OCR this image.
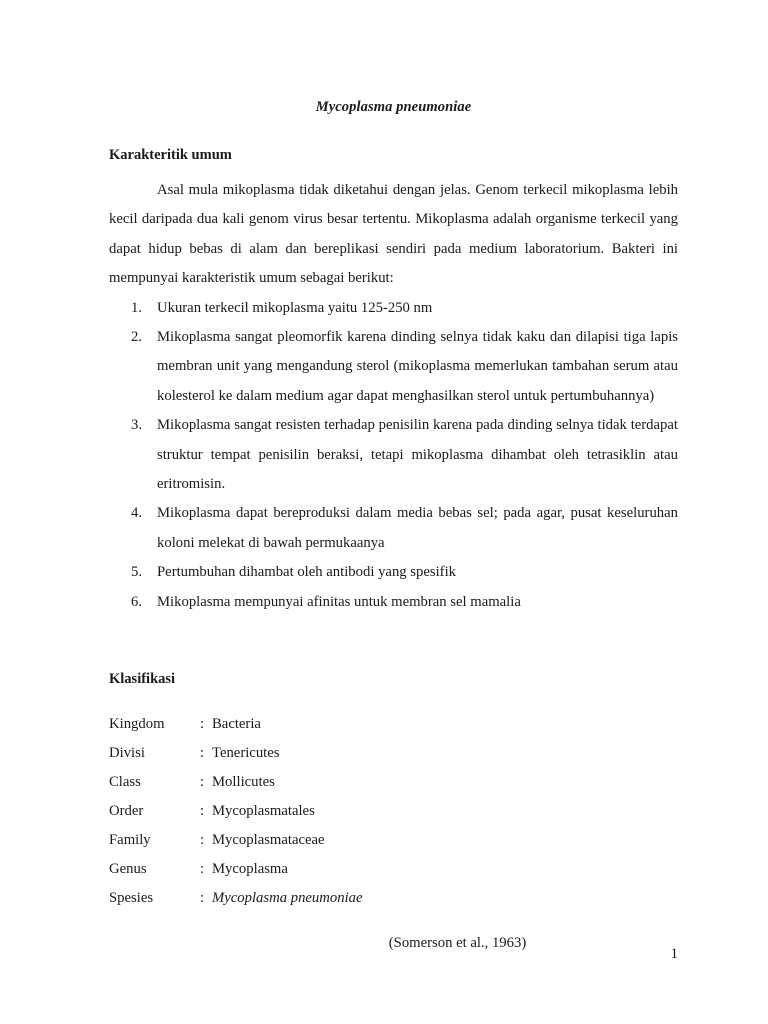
Mycoplasma pneumoniae
Karakteritik umum

Asal mula mikoplasma tidak diketahui dengan jelas. Genom terkecil mikoplasma lebih kecil daripada dua kali genom virus besar tertentu. Mikoplasma adalah organisme terkecil yang dapat hidup bebas di alam dan bereplikasi sendiri pada medium laboratorium. Bakteri ini mempunyai karakteristik umum sebagai berikut:

1.	Ukuran terkecil mikoplasma yaitu 125-250 nm
2.	Mikoplasma sangat pleomorfik karena dinding selnya tidak kaku dan dilapisi tiga lapis membran unit yang mengandung sterol (mikoplasma memerlukan tambahan serum atau kolesterol ke dalam medium agar dapat menghasilkan sterol untuk pertumbuhannya)
3.	Mikoplasma sangat resisten terhadap penisilin karena pada dinding selnya tidak terdapat struktur tempat penisilin beraksi, tetapi mikoplasma dihambat oleh tetrasiklin atau eritromisin.
4.	Mikoplasma dapat bereproduksi dalam media bebas sel; pada agar, pusat keseluruhan koloni melekat di bawah permukaanya
5.	Pertumbuhan dihambat oleh antibodi yang spesifik
6.	Mikoplasma mempunyai afinitas untuk membran sel mamalia
Klasifikasi
Kingdom	:	Bacteria
Divisi	:	Tenericutes
Class	:	Mollicutes
Order	:	Mycoplasmatales
Family	:	Mycoplasmataceae
Genus	:	Mycoplasma
Spesies	:	Mycoplasma pneumoniae
(Somerson et al., 1963)
1
